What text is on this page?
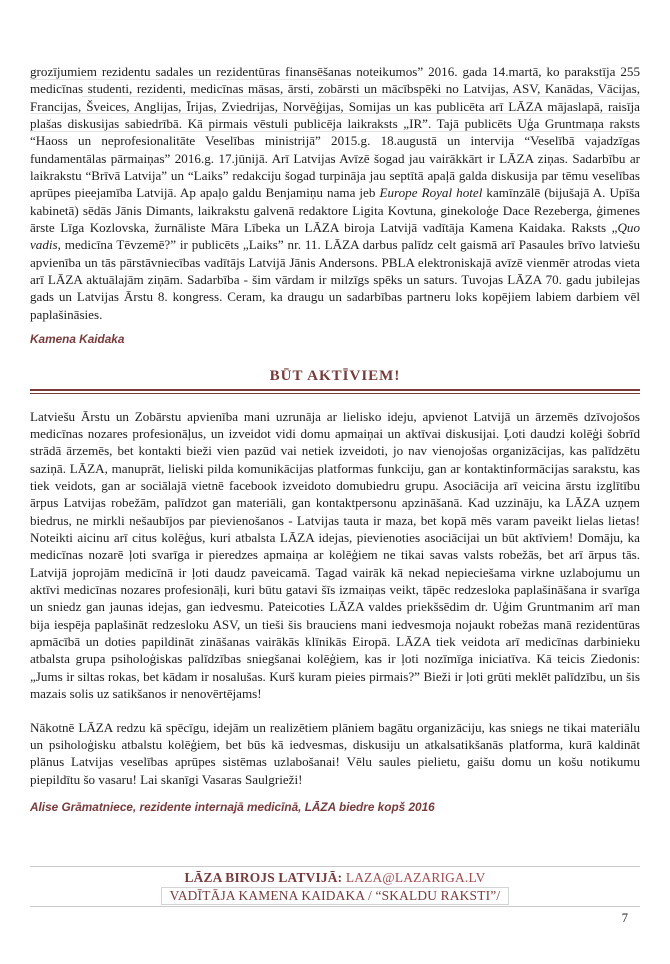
grozījumiem rezidentu sadales un rezidentūras finansēšanas noteikumos” 2016. gada 14.martā, ko parakstīja 255 medicīnas studenti, rezidenti, medicīnas māsas, ārsti, zobārsti un mācībspēki no Latvijas, ASV, Kanādas, Vācijas, Francijas, Šveices, Anglijas, Īrijas, Zviedrijas, Norvēģijas, Somijas un kas publicēta arī LĀZA mājaslapā, raisīja plašas diskusijas sabiedrībā. Kā pirmais vēstuli publicēja laikraksts „IR”. Tajā publicēts Uģa Gruntmaņa raksts “Haoss un neprofesionalitāte Veselības ministrijā” 2015.g. 18.augustā un intervija “Veselībā vajadzīgas fundamentālas pārmaiņas” 2016.g. 17.jūnijā. Arī Latvijas Avīzē šogad jau vairākkārt ir LĀZA ziņas. Sadarbību ar laikrakstu “Brīvā Latvija” un “Laiks” redakciju šogad turpināja jau septītā apaļā galda diskusija par tēmu veselības aprūpes pieejamība Latvijā. Ap apaļo galdu Benjamiņu nama jeb Europe Royal hotel kamīnzālē (bijušajā A. Upīša kabinetā) sēdās Jānis Dimants, laikrakstu galvenā redaktore Ligita Kovtuna, ginekoloģe Dace Rezeberga, ģimenes ārste Līga Kozlovska, žurnāliste Māra Lībeka un LĀZA biroja Latvijā vadītāja Kamena Kaidaka. Raksts „Quo vadis, medicīna Tēvzemē?” ir publicēts „Laiks” nr. 11. LĀZA darbus palīdz celt gaismā arī Pasaules brīvo latviešu apvienība un tās pārstāvniecības vadītājs Latvijā Jānis Andersons. PBLA elektroniskajā avīzē vienmēr atrodas vieta arī LĀZA aktuālajām ziņām. Sadarbība - šim vārdam ir milzīgs spēks un saturs. Tuvojas LĀZA 70. gadu jubilejas gads un Latvijas Ārstu 8. kongress. Ceram, ka draugu un sadarbības partneru loks kopējiem labiem darbiem vēl paplašināsies.

Kamena Kaidaka

BŪT AKTĪVIEM!

Latviešu Ārstu un Zobārstu apvienība mani uzrunāja ar lielisko ideju, apvienot Latvijā un ārzemēs dzīvojošos medicīnas nozares profesionāļus, un izveidot vidi domu apmaiņai un aktīvai diskusijai. Ļoti daudzi kolēģi šobrīd strādā ārzemēs, bet kontakti bieži vien pazūd vai netiek izveidoti, jo nav vienojošas organizācijas, kas palīdzētu saziņā. LĀZA, manuprāt, lieliski pilda komunikācijas platformas funkciju, gan ar kontaktinformācijas sarakstu, kas tiek veidots, gan ar sociālajā vietnē facebook izveidoto domubiedru grupu. Asociācija arī veicina ārstu izglītību ārpus Latvijas robežām, palīdzot gan materiāli, gan kontaktpersonu apzināšanā. Kad uzzināju, ka LĀZA uzņem biedrus, ne mirkli nešaubījos par pievienošanos - Latvijas tauta ir maza, bet kopā mēs varam paveikt lielas lietas! Noteikti aicinu arī citus kolēģus, kuri atbalsta LĀZA idejas, pievienoties asociācijai un būt aktīviem! Domāju, ka medicīnas nozarē ļoti svarīga ir pieredzes apmaiņa ar kolēģiem ne tikai savas valsts robežās, bet arī ārpus tās. Latvijā joprojām medicīnā ir ļoti daudz paveicamā. Tagad vairāk kā nekad nepieciešama virkne uzlabojumu un aktīvi medicīnas nozares profesionāļi, kuri būtu gatavi šīs izmaiņas veikt, tāpēc redzesloka paplašināšana ir svarīga un sniedz gan jaunas idejas, gan iedvesmu. Pateicoties LĀZA valdes priekšsēdim dr. Uģim Gruntmanim arī man bija iespēja paplašināt redzesloku ASV, un tieši šis brauciens mani iedvesmoja nojaukt robežas manā rezidentūras apmācībā un doties papildināt zināšanas vairākās klīnikās Eiropā. LĀZA tiek veidota arī medicīnas darbinieku atbalsta grupa psiholoģiskas palīdzības sniegšanai kolēģiem, kas ir ļoti nozīmīga iniciatīva. Kā teicis Ziedonis: „Jums ir siltas rokas, bet kādam ir nosalušas. Kurš kuram pieies pirmais?” Bieži ir ļoti grūti meklēt palīdzību, un šis mazais solis uz satikšanos ir nenovērtējams!

Nākotnē LĀZA redzu kā spēcīgu, idejām un realizētiem plāniem bagātu organizāciju, kas sniegs ne tikai materiālu un psiholoģisku atbalstu kolēģiem, bet būs kā iedvesmas, diskusiju un atkalsatikšanās platforma, kurā kaldināt plānus Latvijas veselības aprūpes sistēmas uzlabošanai! Vēlu saules pielietu, gaišu domu un košu notikumu piepildītu šo vasaru! Lai skanīgi Vasaras Saulgrieži!

Alise Grāmatniece, rezidente internajā medicīnā, LĀZA biedre kopš 2016

LĀZA BIROJS LATVIJĀ: LAZA@LAZARIGA.LV
VADĪTĀJA KAMENA KAIDAKA / “SKALDU RAKSTI”/
7
